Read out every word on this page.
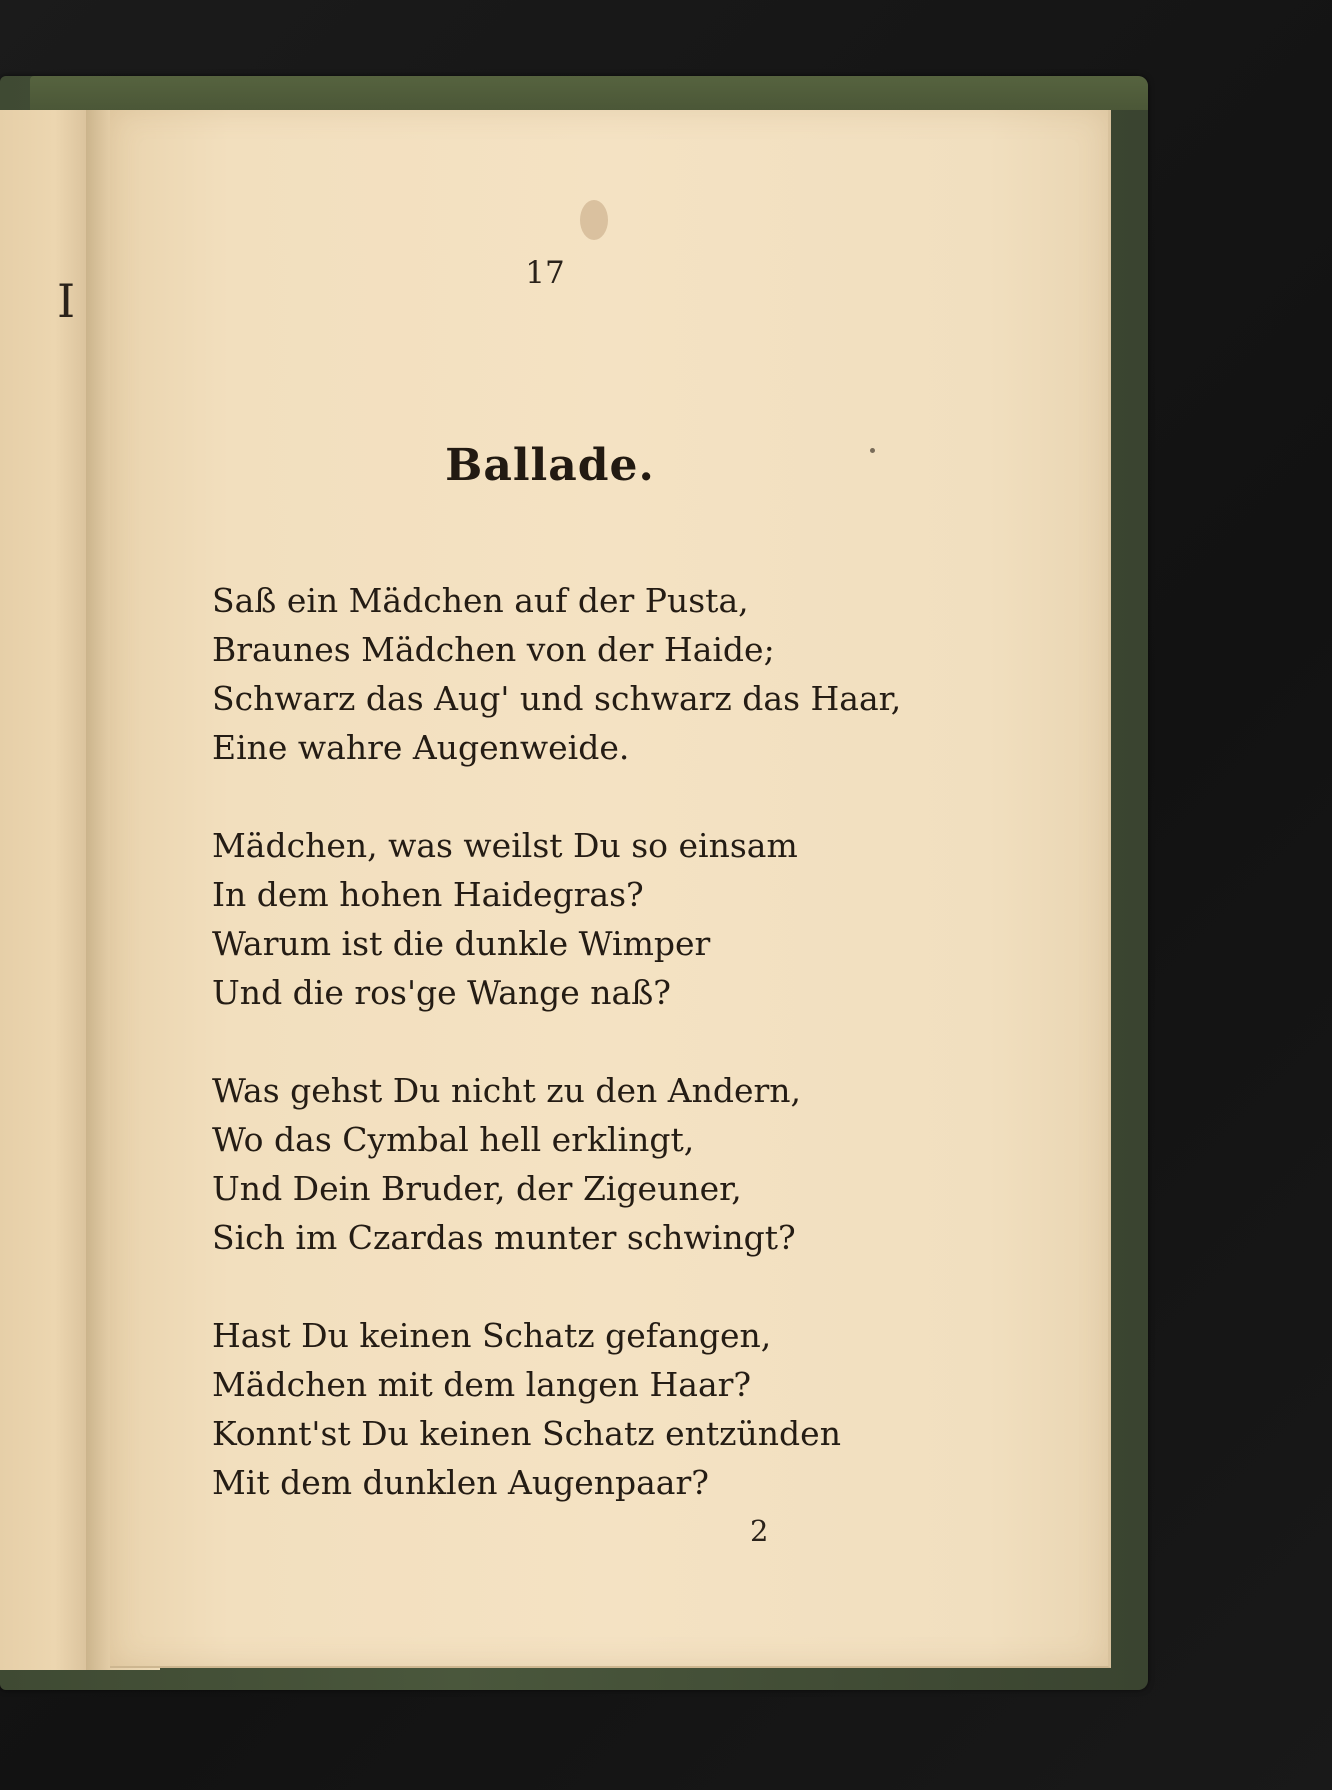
I
17
Ballade.
Saß ein Mädchen auf der Pusta,
Braunes Mädchen von der Haide;
Schwarz das Aug' und schwarz das Haar,
Eine wahre Augenweide.
Mädchen, was weilst Du so einsam
In dem hohen Haidegras?
Warum ist die dunkle Wimper
Und die ros'ge Wange naß?
Was gehst Du nicht zu den Andern,
Wo das Cymbal hell erklingt,
Und Dein Bruder, der Zigeuner,
Sich im Czardas munter schwingt?
Hast Du keinen Schatz gefangen,
Mädchen mit dem langen Haar?
Konnt'st Du keinen Schatz entzünden
Mit dem dunklen Augenpaar?
2
